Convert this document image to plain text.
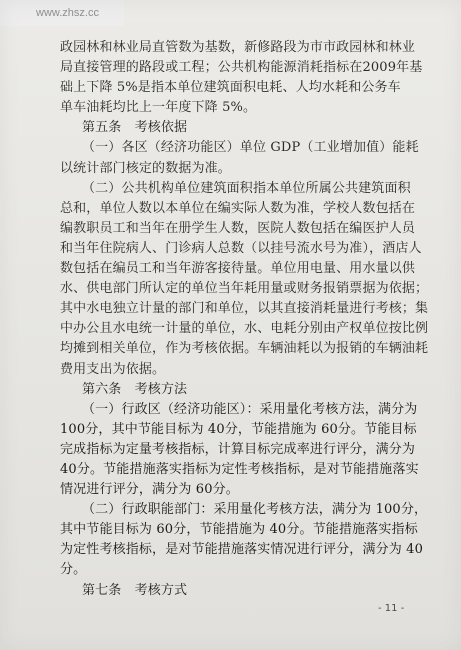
www.zhsz.cc
政园林和林业局直管数为基数，新修路段为市市政园林和林业
局直接管理的路段或工程；公共机构能源消耗指标在2009年基
础上下降 5%是指本单位建筑面积电耗、人均水耗和公务车
单车油耗均比上一年度下降 5%。
第五条　考核依据
（一）各区（经济功能区）单位 GDP（工业增加值）能耗
以统计部门核定的数据为准。
（二）公共机构单位建筑面积指本单位所属公共建筑面积
总和，单位人数以本单位在编实际人数为准，学校人数包括在
编教职员工和当年在册学生人数，医院人数包括在编医护人员
和当年住院病人、门诊病人总数（以挂号流水号为准），酒店人
数包括在编员工和当年游客接待量。单位用电量、用水量以供
水、供电部门所认定的单位当年耗用量或财务报销票据为依据；
其中水电独立计量的部门和单位，以其直接消耗量进行考核；集
中办公且水电统一计量的单位，水、电耗分别由产权单位按比例
均摊到相关单位，作为考核依据。车辆油耗以为报销的车辆油耗
费用支出为依据。
第六条　考核方法
（一）行政区（经济功能区）：采用量化考核方法，满分为
100分，其中节能目标为 40分，节能措施为 60分。节能目标
完成指标为定量考核指标，计算目标完成率进行评分，满分为
40分。节能措施落实指标为定性考核指标，是对节能措施落实
情况进行评分，满分为 60分。
（二）行政职能部门：采用量化考核方法，满分为 100分，
其中节能目标为 60分，节能措施为 40分。节能措施落实指标
为定性考核指标，是对节能措施落实情况进行评分，满分为 40
分。
第七条　考核方式
- 11 -
